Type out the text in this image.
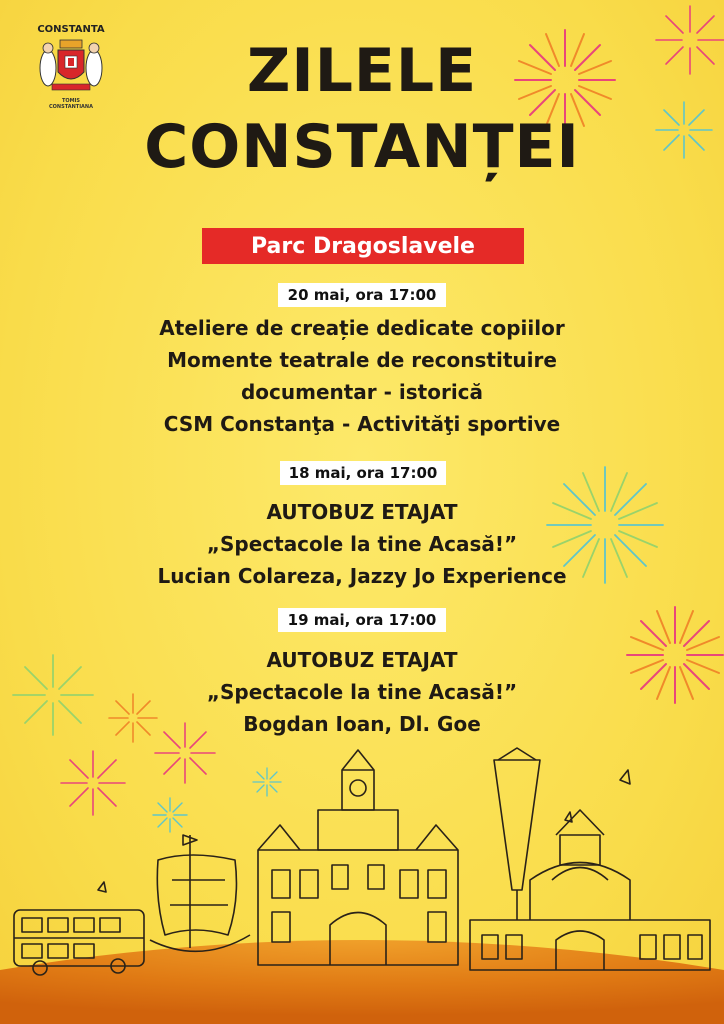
CONSTANTA
TOMIS
CONSTANTIANA
ZILELE
CONSTANȚEI
Parc Dragoslavele
20 mai, ora 17:00
Ateliere de creație dedicate copiilor
Momente teatrale de reconstituire
documentar - istorică
CSM Constanţa - Activităţi sportive
18 mai, ora 17:00
AUTOBUZ ETAJAT
„Spectacole la tine Acasă!”
Lucian Colareza, Jazzy Jo Experience
19 mai, ora 17:00
AUTOBUZ ETAJAT
„Spectacole la tine Acasă!”
Bogdan Ioan, Dl. Goe
